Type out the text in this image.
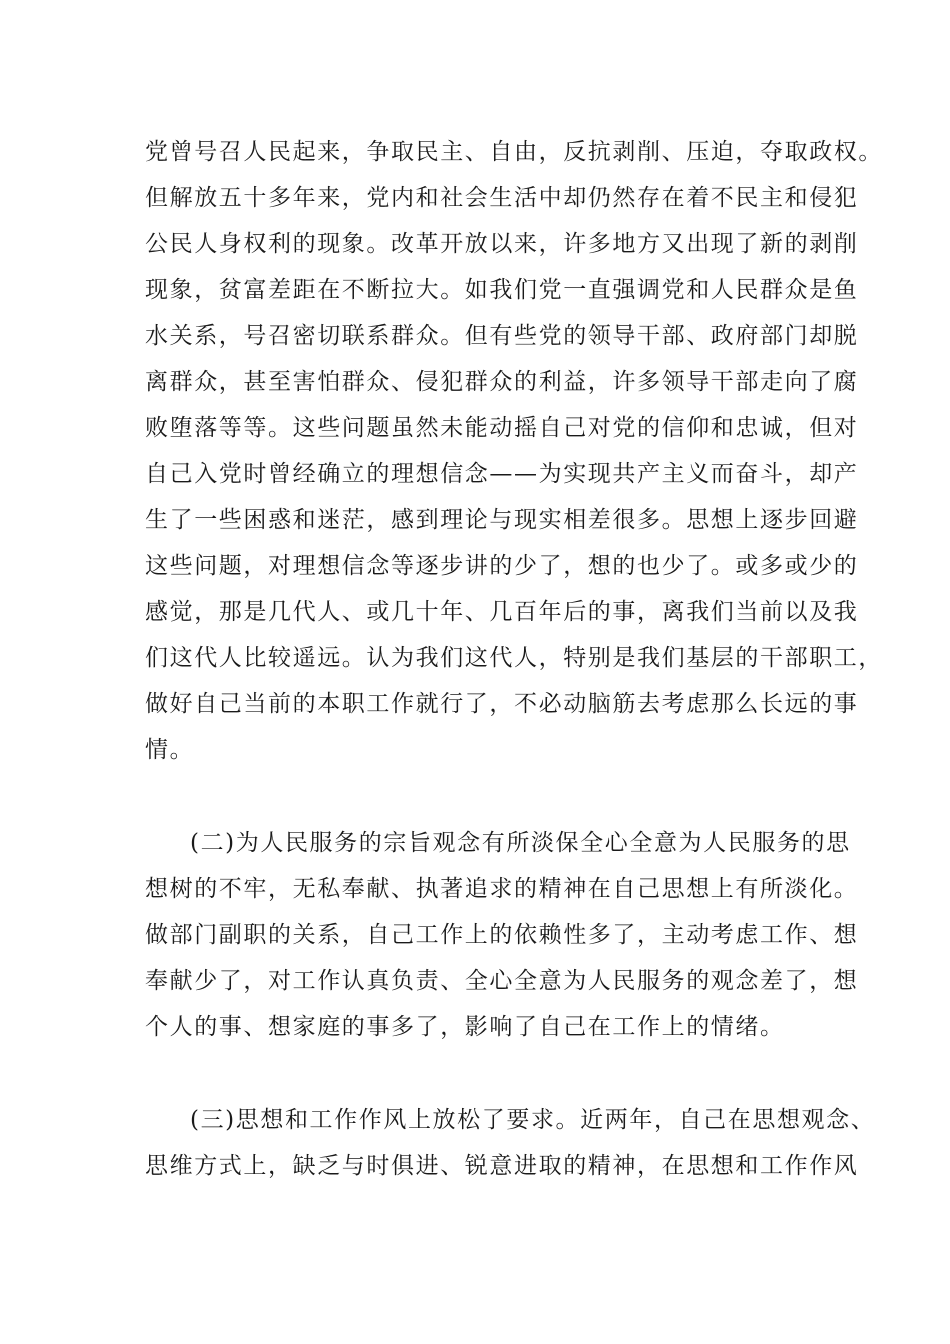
党曾号召人民起来，争取民主、自由，反抗剥削、压迫，夺取政权。
但解放五十多年来，党内和社会生活中却仍然存在着不民主和侵犯
公民人身权利的现象。改革开放以来，许多地方又出现了新的剥削
现象，贫富差距在不断拉大。如我们党一直强调党和人民群众是鱼
水关系，号召密切联系群众。但有些党的领导干部、政府部门却脱
离群众，甚至害怕群众、侵犯群众的利益，许多领导干部走向了腐
败堕落等等。这些问题虽然未能动摇自己对党的信仰和忠诚，但对
自己入党时曾经确立的理想信念——为实现共产主义而奋斗，却产
生了一些困惑和迷茫，感到理论与现实相差很多。思想上逐步回避
这些问题，对理想信念等逐步讲的少了，想的也少了。或多或少的
感觉，那是几代人、或几十年、几百年后的事，离我们当前以及我
们这代人比较遥远。认为我们这代人，特别是我们基层的干部职工，
做好自己当前的本职工作就行了，不必动脑筋去考虑那么长远的事
情。
(二)为人民服务的宗旨观念有所淡保全心全意为人民服务的思
想树的不牢，无私奉献、执著追求的精神在自己思想上有所淡化。
做部门副职的关系，自己工作上的依赖性多了，主动考虑工作、想
奉献少了，对工作认真负责、全心全意为人民服务的观念差了，想
个人的事、想家庭的事多了，影响了自己在工作上的情绪。
(三)思想和工作作风上放松了要求。近两年，自己在思想观念、
思维方式上，缺乏与时俱进、锐意进取的精神，在思想和工作作风
